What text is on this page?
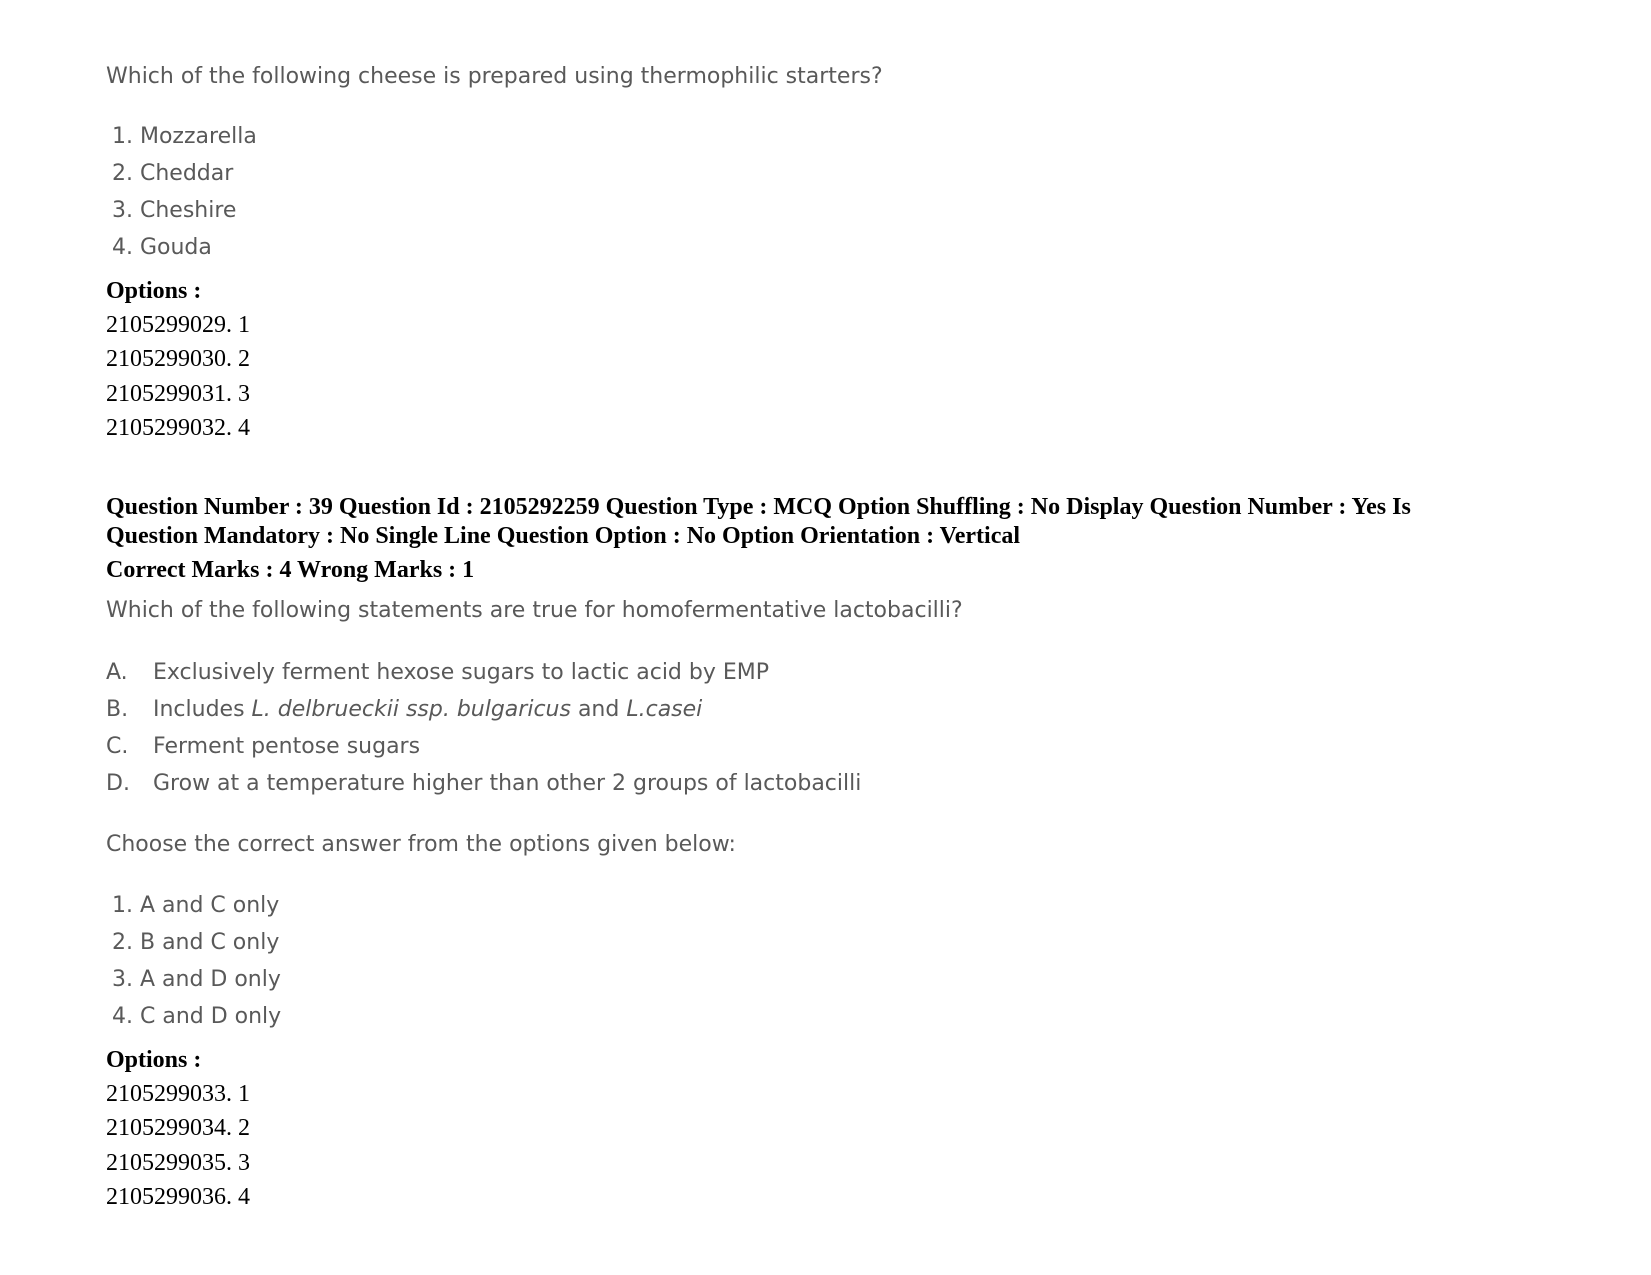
Which of the following cheese is prepared using thermophilic starters?
1. Mozzarella
2. Cheddar
3. Cheshire
4. Gouda
Options :
2105299029. 1
2105299030. 2
2105299031. 3
2105299032. 4
Question Number : 39 Question Id : 2105292259 Question Type : MCQ Option Shuffling : No Display Question Number : Yes Is
Question Mandatory : No Single Line Question Option : No Option Orientation : Vertical
Correct Marks : 4 Wrong Marks : 1
Which of the following statements are true for homofermentative lactobacilli?
A. Exclusively ferment hexose sugars to lactic acid by EMP
B. Includes L. delbrueckii ssp. bulgaricus and L.casei
C. Ferment pentose sugars
D. Grow at a temperature higher than other 2 groups of lactobacilli
Choose the correct answer from the options given below:
1. A and C only
2. B and C only
3. A and D only
4. C and D only
Options :
2105299033. 1
2105299034. 2
2105299035. 3
2105299036. 4
